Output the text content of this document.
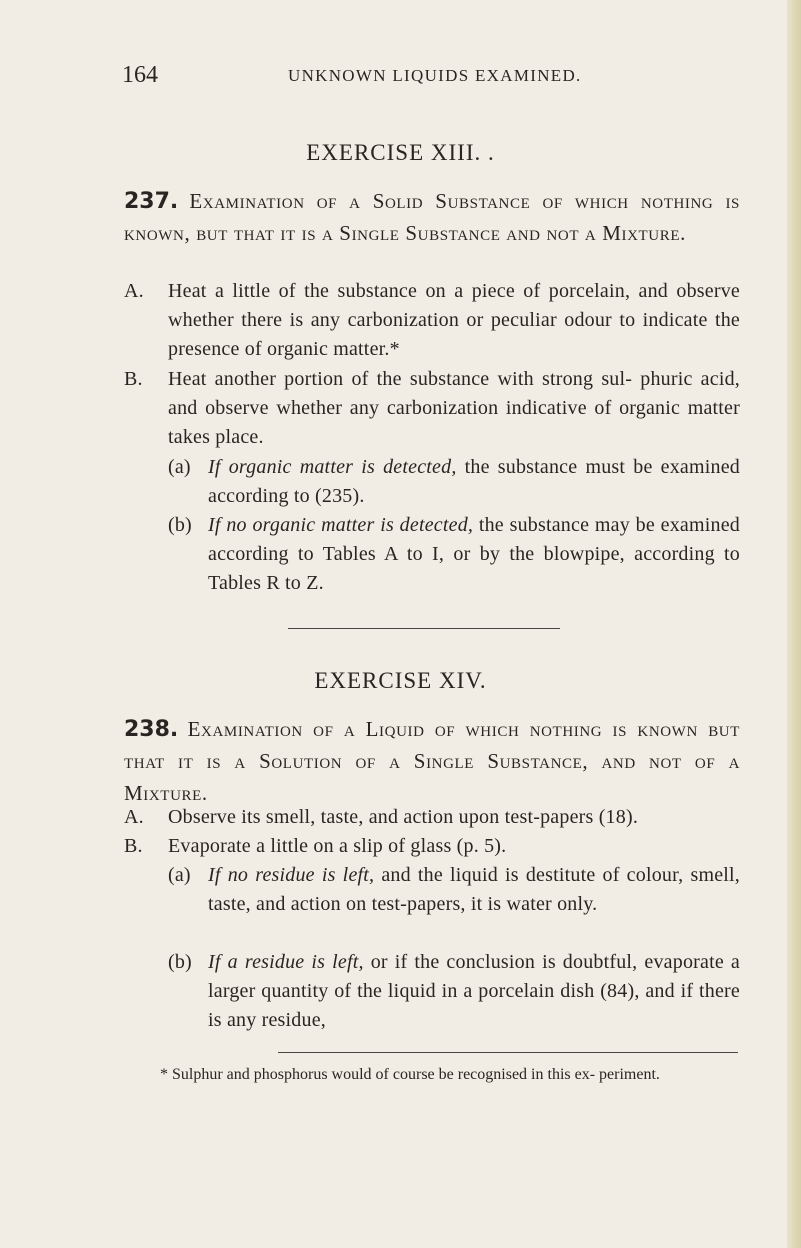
164	UNKNOWN LIQUIDS EXAMINED.
EXERCISE XIII. .
237. Examination of a Solid Substance of which nothing is known, but that it is a Single Substance and not a Mixture.
A. Heat a little of the substance on a piece of porcelain, and observe whether there is any carbonization or peculiar odour to indicate the presence of organic matter.*
B. Heat another portion of the substance with strong sul- phuric acid, and observe whether any carbonization indicative of organic matter takes place.
(a) If organic matter is detected, the substance must be examined according to (235).
(b) If no organic matter is detected, the substance may be examined according to Tables A to I, or by the blowpipe, according to Tables R to Z.
EXERCISE XIV.
238. Examination of a Liquid of which nothing is known but that it is a Solution of a Single Substance, and not of a Mixture.
A. Observe its smell, taste, and action upon test-papers (18).
B. Evaporate a little on a slip of glass (p. 5).
(a) If no residue is left, and the liquid is destitute of colour, smell, taste, and action on test-papers, it is water only.
(b) If a residue is left, or if the conclusion is doubtful, evaporate a larger quantity of the liquid in a porcelain dish (84), and if there is any residue,
* Sulphur and phosphorus would of course be recognised in this ex- periment.
